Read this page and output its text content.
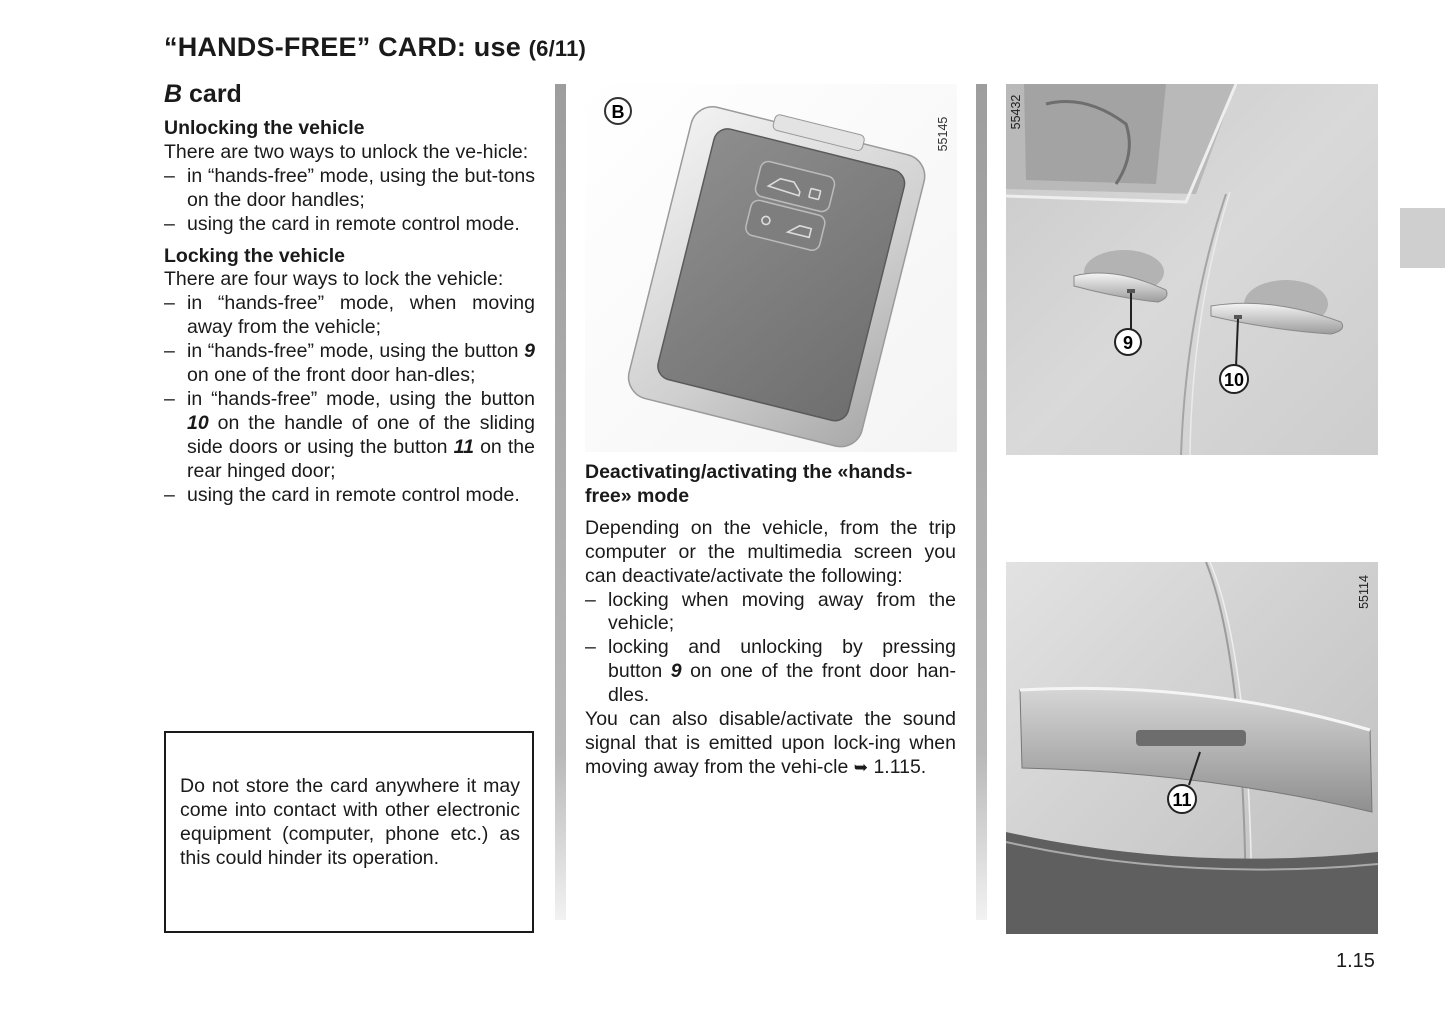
“HANDS-FREE” CARD: use (6/11)
B card
Unlocking the vehicle

There are two ways to unlock the ve-hicle:

– in “hands-free” mode, using the but-tons on the door handles;
– using the card in remote control mode.
Locking the vehicle

There are four ways to lock the vehicle:

– in “hands-free” mode, when moving away from the vehicle;
– in “hands-free” mode, using the button 9 on one of the front door han-dles;
– in “hands-free” mode, using the button 10 on the handle of one of the sliding side doors or using the button 11 on the rear hinged door;
– using the card in remote control mode.

Do not store the card anywhere it may come into contact with other electronic equipment (computer, phone etc.) as this could hinder its operation.

B
55145
9
10
55432
11
55114
Deactivating/activating the «hands-free» mode

Depending on the vehicle, from the trip computer or the multimedia screen you can deactivate/activate the following:

– locking when moving away from the vehicle;
– locking and unlocking by pressing button 9 on one of the front door han-dles.

You can also disable/activate the sound signal that is emitted upon lock-ing when moving away from the vehi-cle ➥ 1.115.

1.15
